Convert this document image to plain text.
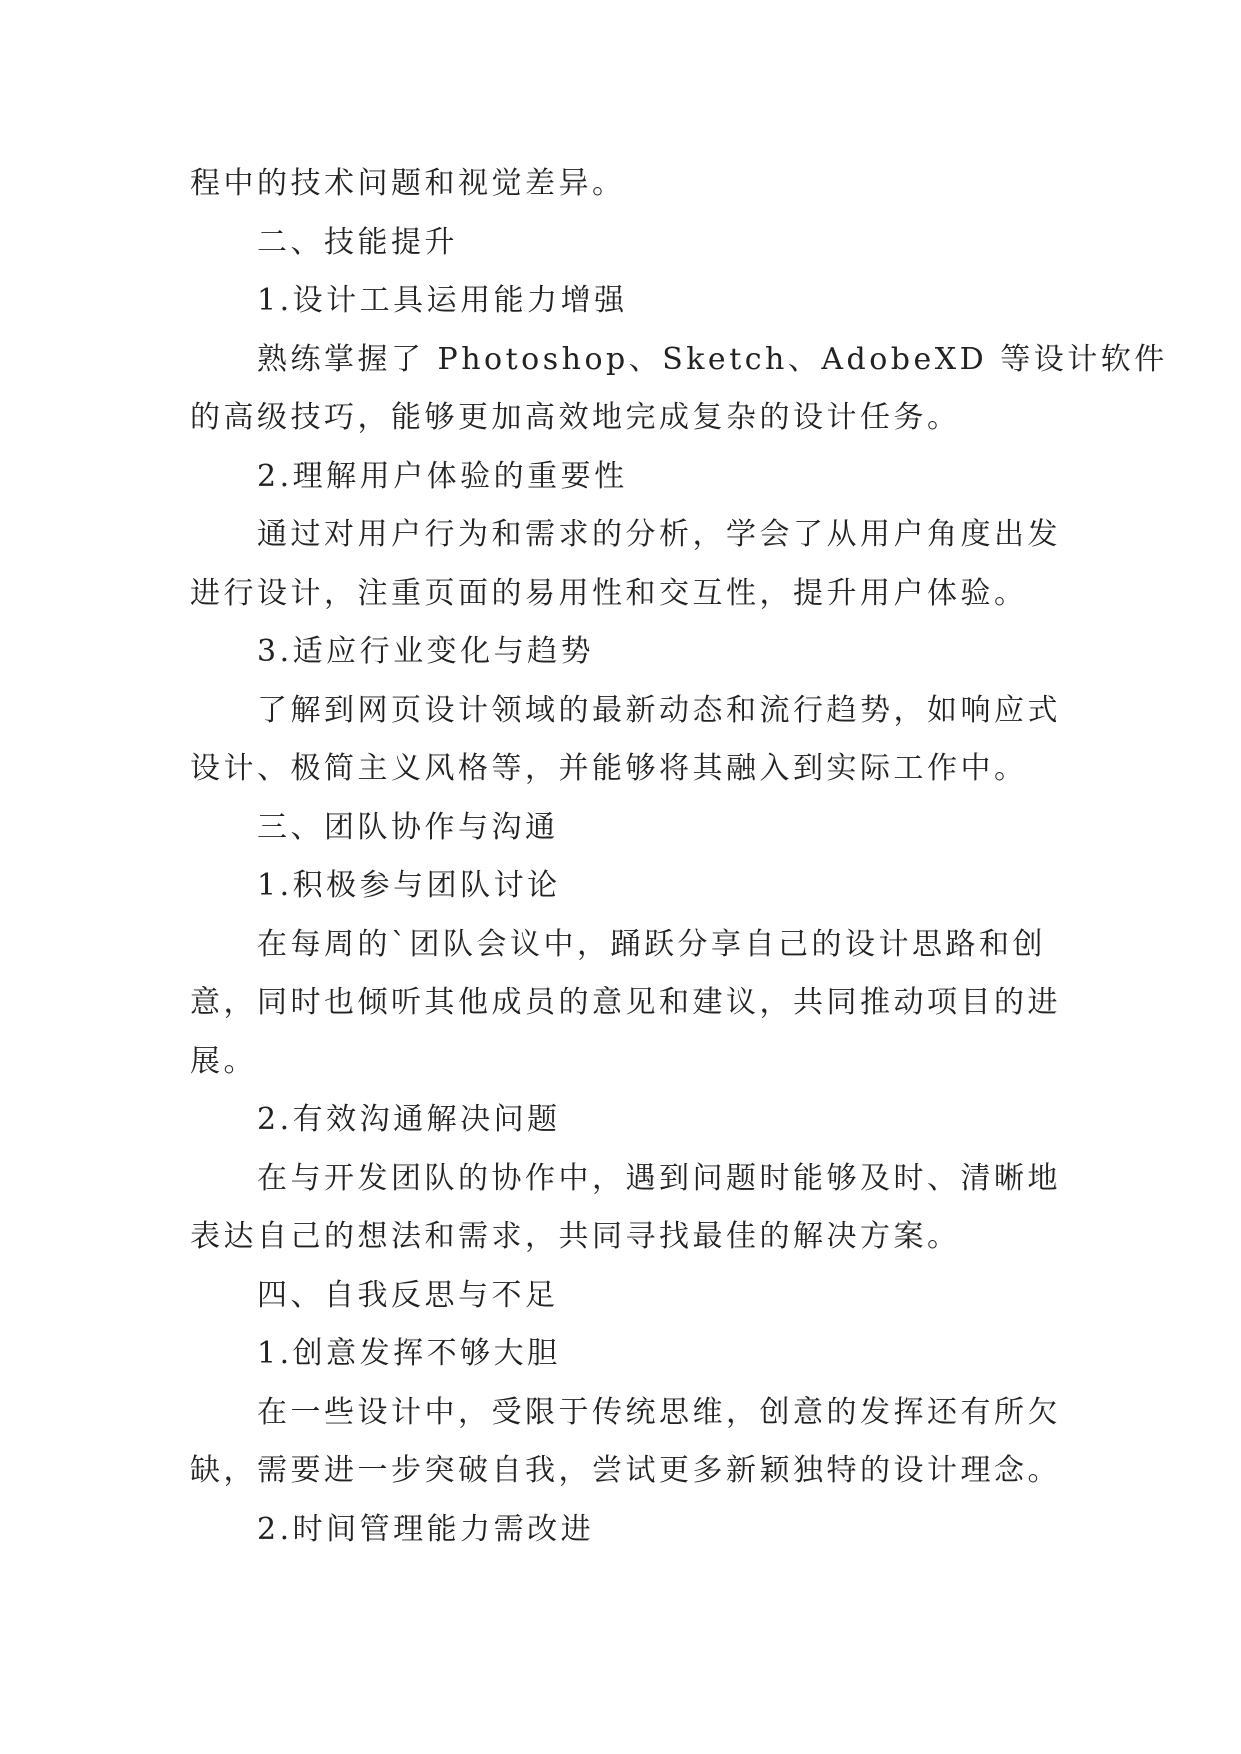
程中的技术问题和视觉差异。
二、技能提升
1.设计工具运用能力增强
熟练掌握了 Photoshop、Sketch、AdobeXD 等设计软件
的高级技巧，能够更加高效地完成复杂的设计任务。
2.理解用户体验的重要性
通过对用户行为和需求的分析，学会了从用户角度出发
进行设计，注重页面的易用性和交互性，提升用户体验。
3.适应行业变化与趋势
了解到网页设计领域的最新动态和流行趋势，如响应式
设计、极简主义风格等，并能够将其融入到实际工作中。
三、团队协作与沟通
1.积极参与团队讨论
在每周的`团队会议中，踊跃分享自己的设计思路和创
意，同时也倾听其他成员的意见和建议，共同推动项目的进
展。
2.有效沟通解决问题
在与开发团队的协作中，遇到问题时能够及时、清晰地
表达自己的想法和需求，共同寻找最佳的解决方案。
四、自我反思与不足
1.创意发挥不够大胆
在一些设计中，受限于传统思维，创意的发挥还有所欠
缺，需要进一步突破自我，尝试更多新颖独特的设计理念。
2.时间管理能力需改进
